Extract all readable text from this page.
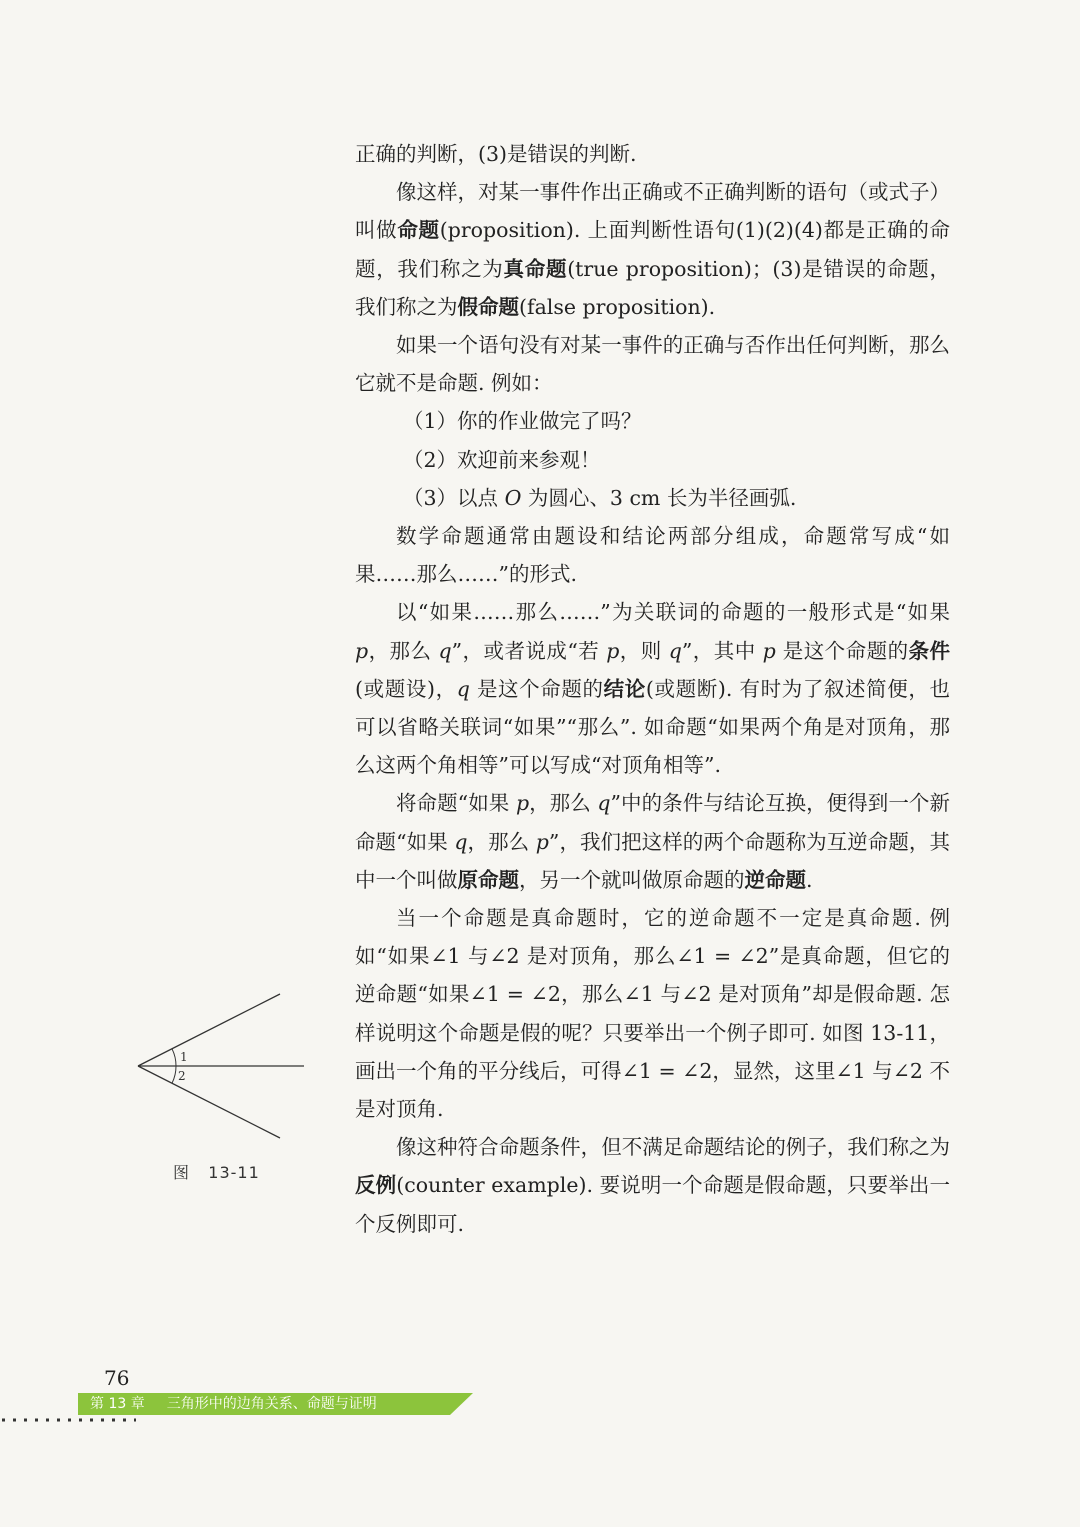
正确的判断，(3)是错误的判断.

像这样，对某一事件作出正确或不正确判断的语句（或式子）叫做命题(proposition). 上面判断性语句(1)(2)(4)都是正确的命题，我们称之为真命题(true proposition)；(3)是错误的命题，我们称之为假命题(false proposition).

如果一个语句没有对某一事件的正确与否作出任何判断，那么它就不是命题. 例如：

（1）你的作业做完了吗？

（2）欢迎前来参观！

（3）以点 O 为圆心、3 cm 长为半径画弧.

数学命题通常由题设和结论两部分组成，命题常写成“如果……那么……”的形式.

以“如果……那么……”为关联词的命题的一般形式是“如果 p，那么 q”，或者说成“若 p，则 q”，其中 p 是这个命题的条件(或题设)，q 是这个命题的结论(或题断). 有时为了叙述简便，也可以省略关联词“如果”“那么”. 如命题“如果两个角是对顶角，那么这两个角相等”可以写成“对顶角相等”.

将命题“如果 p，那么 q”中的条件与结论互换，便得到一个新命题“如果 q，那么 p”，我们把这样的两个命题称为互逆命题，其中一个叫做原命题，另一个就叫做原命题的逆命题.

当一个命题是真命题时，它的逆命题不一定是真命题. 例如“如果∠1 与∠2 是对顶角，那么∠1 = ∠2”是真命题，但它的逆命题“如果∠1 = ∠2，那么∠1 与∠2 是对顶角”却是假命题. 怎样说明这个命题是假的呢？只要举出一个例子即可. 如图 13-11，画出一个角的平分线后，可得∠1 = ∠2，显然，这里∠1 与∠2 不是对顶角.

像这种符合命题条件，但不满足命题结论的例子，我们称之为反例(counter example). 要说明一个命题是假命题，只要举出一个反例即可.

1
2
图 13-11
76
第 13 章 三角形中的边角关系、命题与证明
